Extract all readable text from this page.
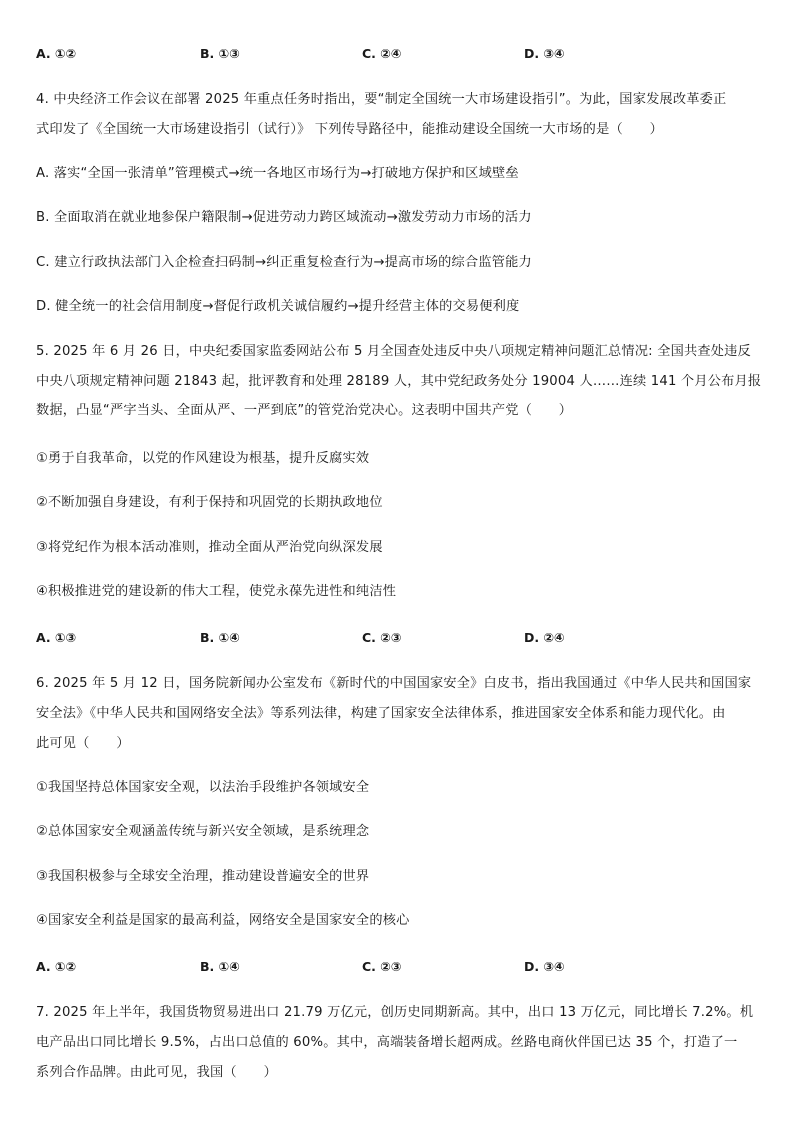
A. ①②	B. ①③	C. ②④	D. ③④
4. 中央经济工作会议在部署 2025 年重点任务时指出，要“制定全国统一大市场建设指引”。为此，国家发展改革委正
式印发了《全国统一大市场建设指引（试行）》 下列传导路径中，能推动建设全国统一大市场的是（　　）
A. 落实“全国一张清单”管理模式→统一各地区市场行为→打破地方保护和区域壁垒
B. 全面取消在就业地参保户籍限制→促进劳动力跨区域流动→激发劳动力市场的活力
C. 建立行政执法部门入企检查扫码制→纠正重复检查行为→提高市场的综合监管能力
D. 健全统一的社会信用制度→督促行政机关诚信履约→提升经营主体的交易便利度
5. 2025 年 6 月 26 日，中央纪委国家监委网站公布 5 月全国查处违反中央八项规定精神问题汇总情况: 全国共查处违反
中央八项规定精神问题 21843 起，批评教育和处理 28189 人，其中党纪政务处分 19004 人……连续 141 个月公布月报
数据，凸显“严字当头、全面从严、一严到底”的管党治党决心。这表明中国共产党（　　）
①勇于自我革命，以党的作风建设为根基，提升反腐实效
②不断加强自身建设，有利于保持和巩固党的长期执政地位
③将党纪作为根本活动准则，推动全面从严治党向纵深发展
④积极推进党的建设新的伟大工程，使党永葆先进性和纯洁性
A. ①③	B. ①④	C. ②③	D. ②④
6. 2025 年 5 月 12 日，国务院新闻办公室发布《新时代的中国国家安全》白皮书，指出我国通过《中华人民共和国国家
安全法》《中华人民共和国网络安全法》等系列法律，构建了国家安全法律体系，推进国家安全体系和能力现代化。由
此可见（　　）
①我国坚持总体国家安全观，以法治手段维护各领域安全
②总体国家安全观涵盖传统与新兴安全领域，是系统理念
③我国积极参与全球安全治理，推动建设普遍安全的世界
④国家安全利益是国家的最高利益，网络安全是国家安全的核心
A. ①②	B. ①④	C. ②③	D. ③④
7. 2025 年上半年，我国货物贸易进出口 21.79 万亿元，创历史同期新高。其中，出口 13 万亿元，同比增长 7.2%。机
电产品出口同比增长 9.5%，占出口总值的 60%。其中，高端装备增长超两成。丝路电商伙伴国已达 35 个，打造了一
系列合作品牌。由此可见，我国（　　）
